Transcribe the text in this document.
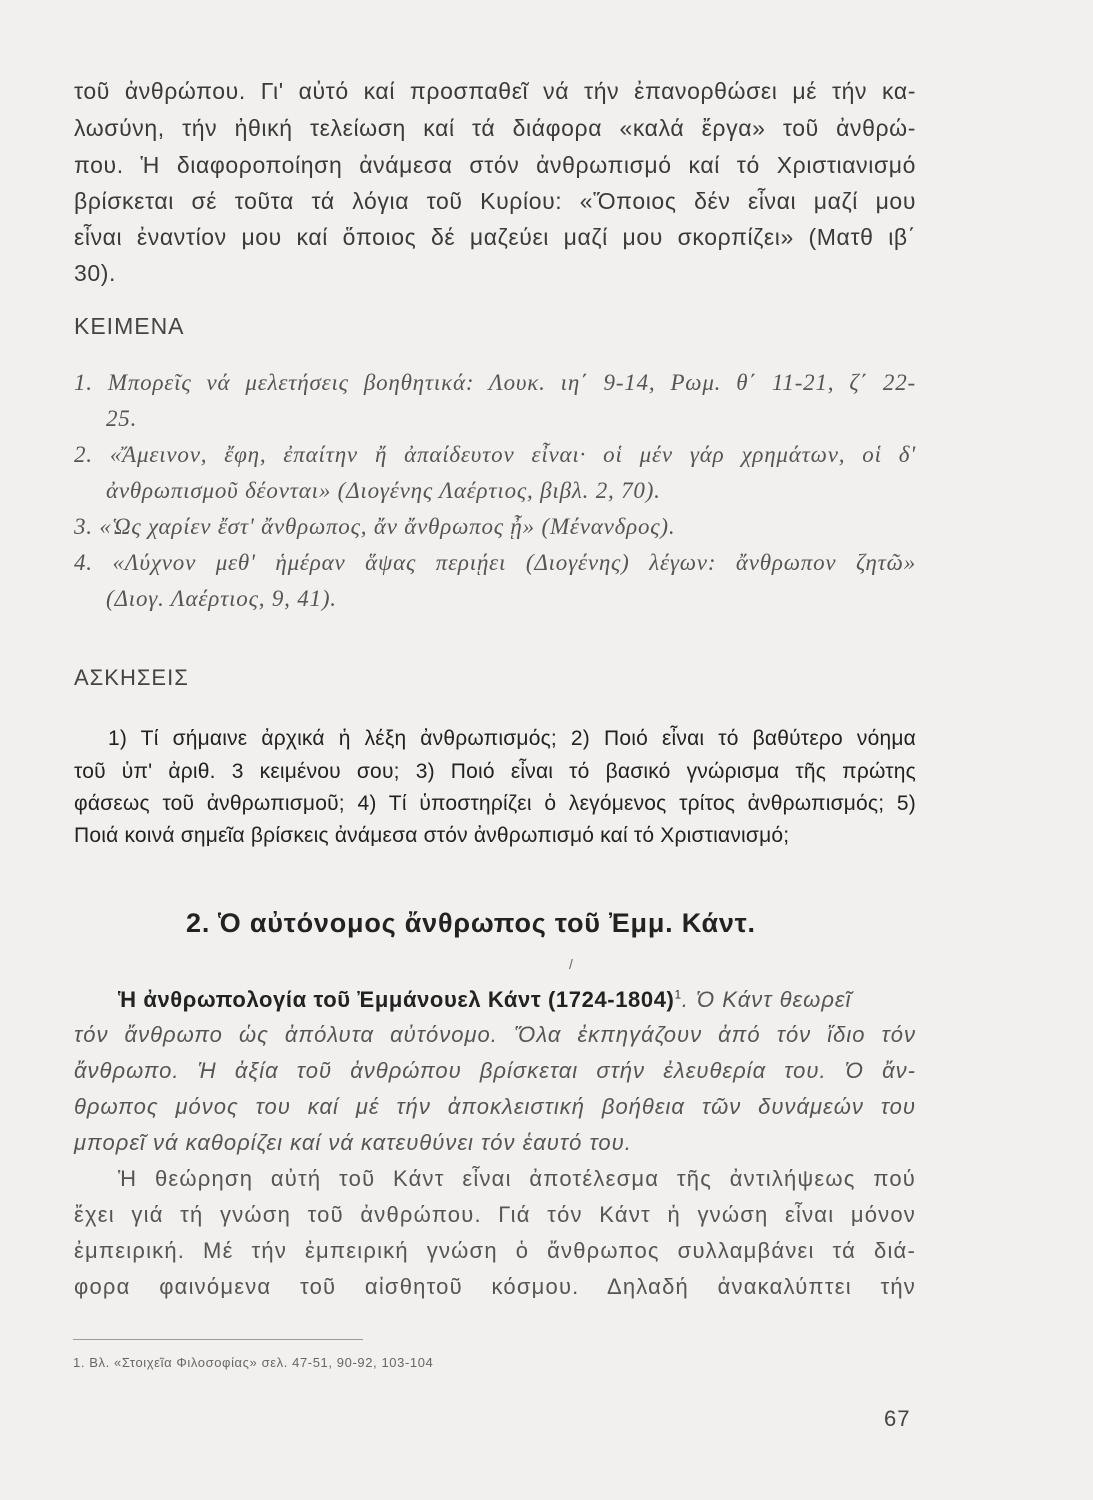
τοῦ ἀνθρώπου. Γι' αὐτό καί προσπαθεῖ νά τήν ἐπανορθώσει μέ τήν κα-
λωσύνη, τήν ἠθική τελείωση καί τά διάφορα «καλά ἔργα» τοῦ ἀνθρώ-
που. Ἡ διαφοροποίηση ἀνάμεσα στόν ἀνθρωπισμό καί τό Χριστιανισμό
βρίσκεται σέ τοῦτα τά λόγια τοῦ Κυρίου: «Ὅποιος δέν εἶναι μαζί μου
εἶναι ἐναντίον μου καί ὅποιος δέ μαζεύει μαζί μου σκορπίζει» (Ματθ ιβ΄
30).
ΚΕΙΜΕΝΑ
1. Μπορεῖς νά μελετήσεις βοηθητικά: Λουκ. ιη΄ 9-14, Ρωμ. θ΄ 11-21, ζ΄ 22-
25.
2. «Ἄμεινον, ἔφη, ἐπαίτην ἤ ἀπαίδευτον εἶναι· οἱ μέν γάρ χρημάτων, οἱ δ'
ἀνθρωπισμοῦ δέονται» (Διογένης Λαέρτιος, βιβλ. 2, 70).
3. «Ὡς χαρίεν ἔστ' ἄνθρωπος, ἄν ἄνθρωπος ᾖ» (Μένανδρος).
4. «Λύχνον μεθ' ἡμέραν ἅψας περιῄει (Διογένης) λέγων: ἄνθρωπον ζητῶ»
(Διογ. Λαέρτιος, 9, 41).
ΑΣΚΗΣΕΙΣ
1) Τί σήμαινε ἀρχικά ἡ λέξη ἀνθρωπισμός; 2) Ποιό εἶναι τό βαθύτερο νόημα
τοῦ ὑπ' ἀριθ. 3 κειμένου σου; 3) Ποιό εἶναι τό βασικό γνώρισμα τῆς πρώτης
φάσεως τοῦ ἀνθρωπισμοῦ; 4) Τί ὑποστηρίζει ὁ λεγόμενος τρίτος ἀνθρωπισμός; 5)
Ποιά κοινά σημεῖα βρίσκεις ἀνάμεσα στόν ἀνθρωπισμό καί τό Χριστιανισμό;
2. Ὁ αὐτόνομος ἄνθρωπος τοῦ Ἐμμ. Κάντ.
/
Ἡ ἀνθρωπολογία τοῦ Ἐμμάνουελ Κάντ (1724-1804)$^1$. Ὁ Κάντ θεωρεῖ
τόν ἄνθρωπο ὡς ἀπόλυτα αὐτόνομο. Ὅλα ἐκπηγάζουν ἀπό τόν ἴδιο τόν
ἄνθρωπο. Ἡ ἀξία τοῦ ἀνθρώπου βρίσκεται στήν ἐλευθερία του. Ὁ ἄν-
θρωπος μόνος του καί μέ τήν ἀποκλειστική βοήθεια τῶν δυνάμεών του
μπορεῖ νά καθορίζει καί νά κατευθύνει τόν ἑαυτό του.
Ἡ θεώρηση αὐτή τοῦ Κάντ εἶναι ἀποτέλεσμα τῆς ἀντιλήψεως πού
ἔχει γιά τή γνώση τοῦ ἀνθρώπου. Γιά τόν Κάντ ἡ γνώση εἶναι μόνον
ἐμπειρική. Μέ τήν ἐμπειρική γνώση ὁ ἄνθρωπος συλλαμβάνει τά διά-
φορα φαινόμενα τοῦ αἰσθητοῦ κόσμου. Δηλαδή ἀνακαλύπτει τήν
1. Βλ. «Στοιχεῖα Φιλοσοφίας» σελ. 47-51, 90-92, 103-104
67
